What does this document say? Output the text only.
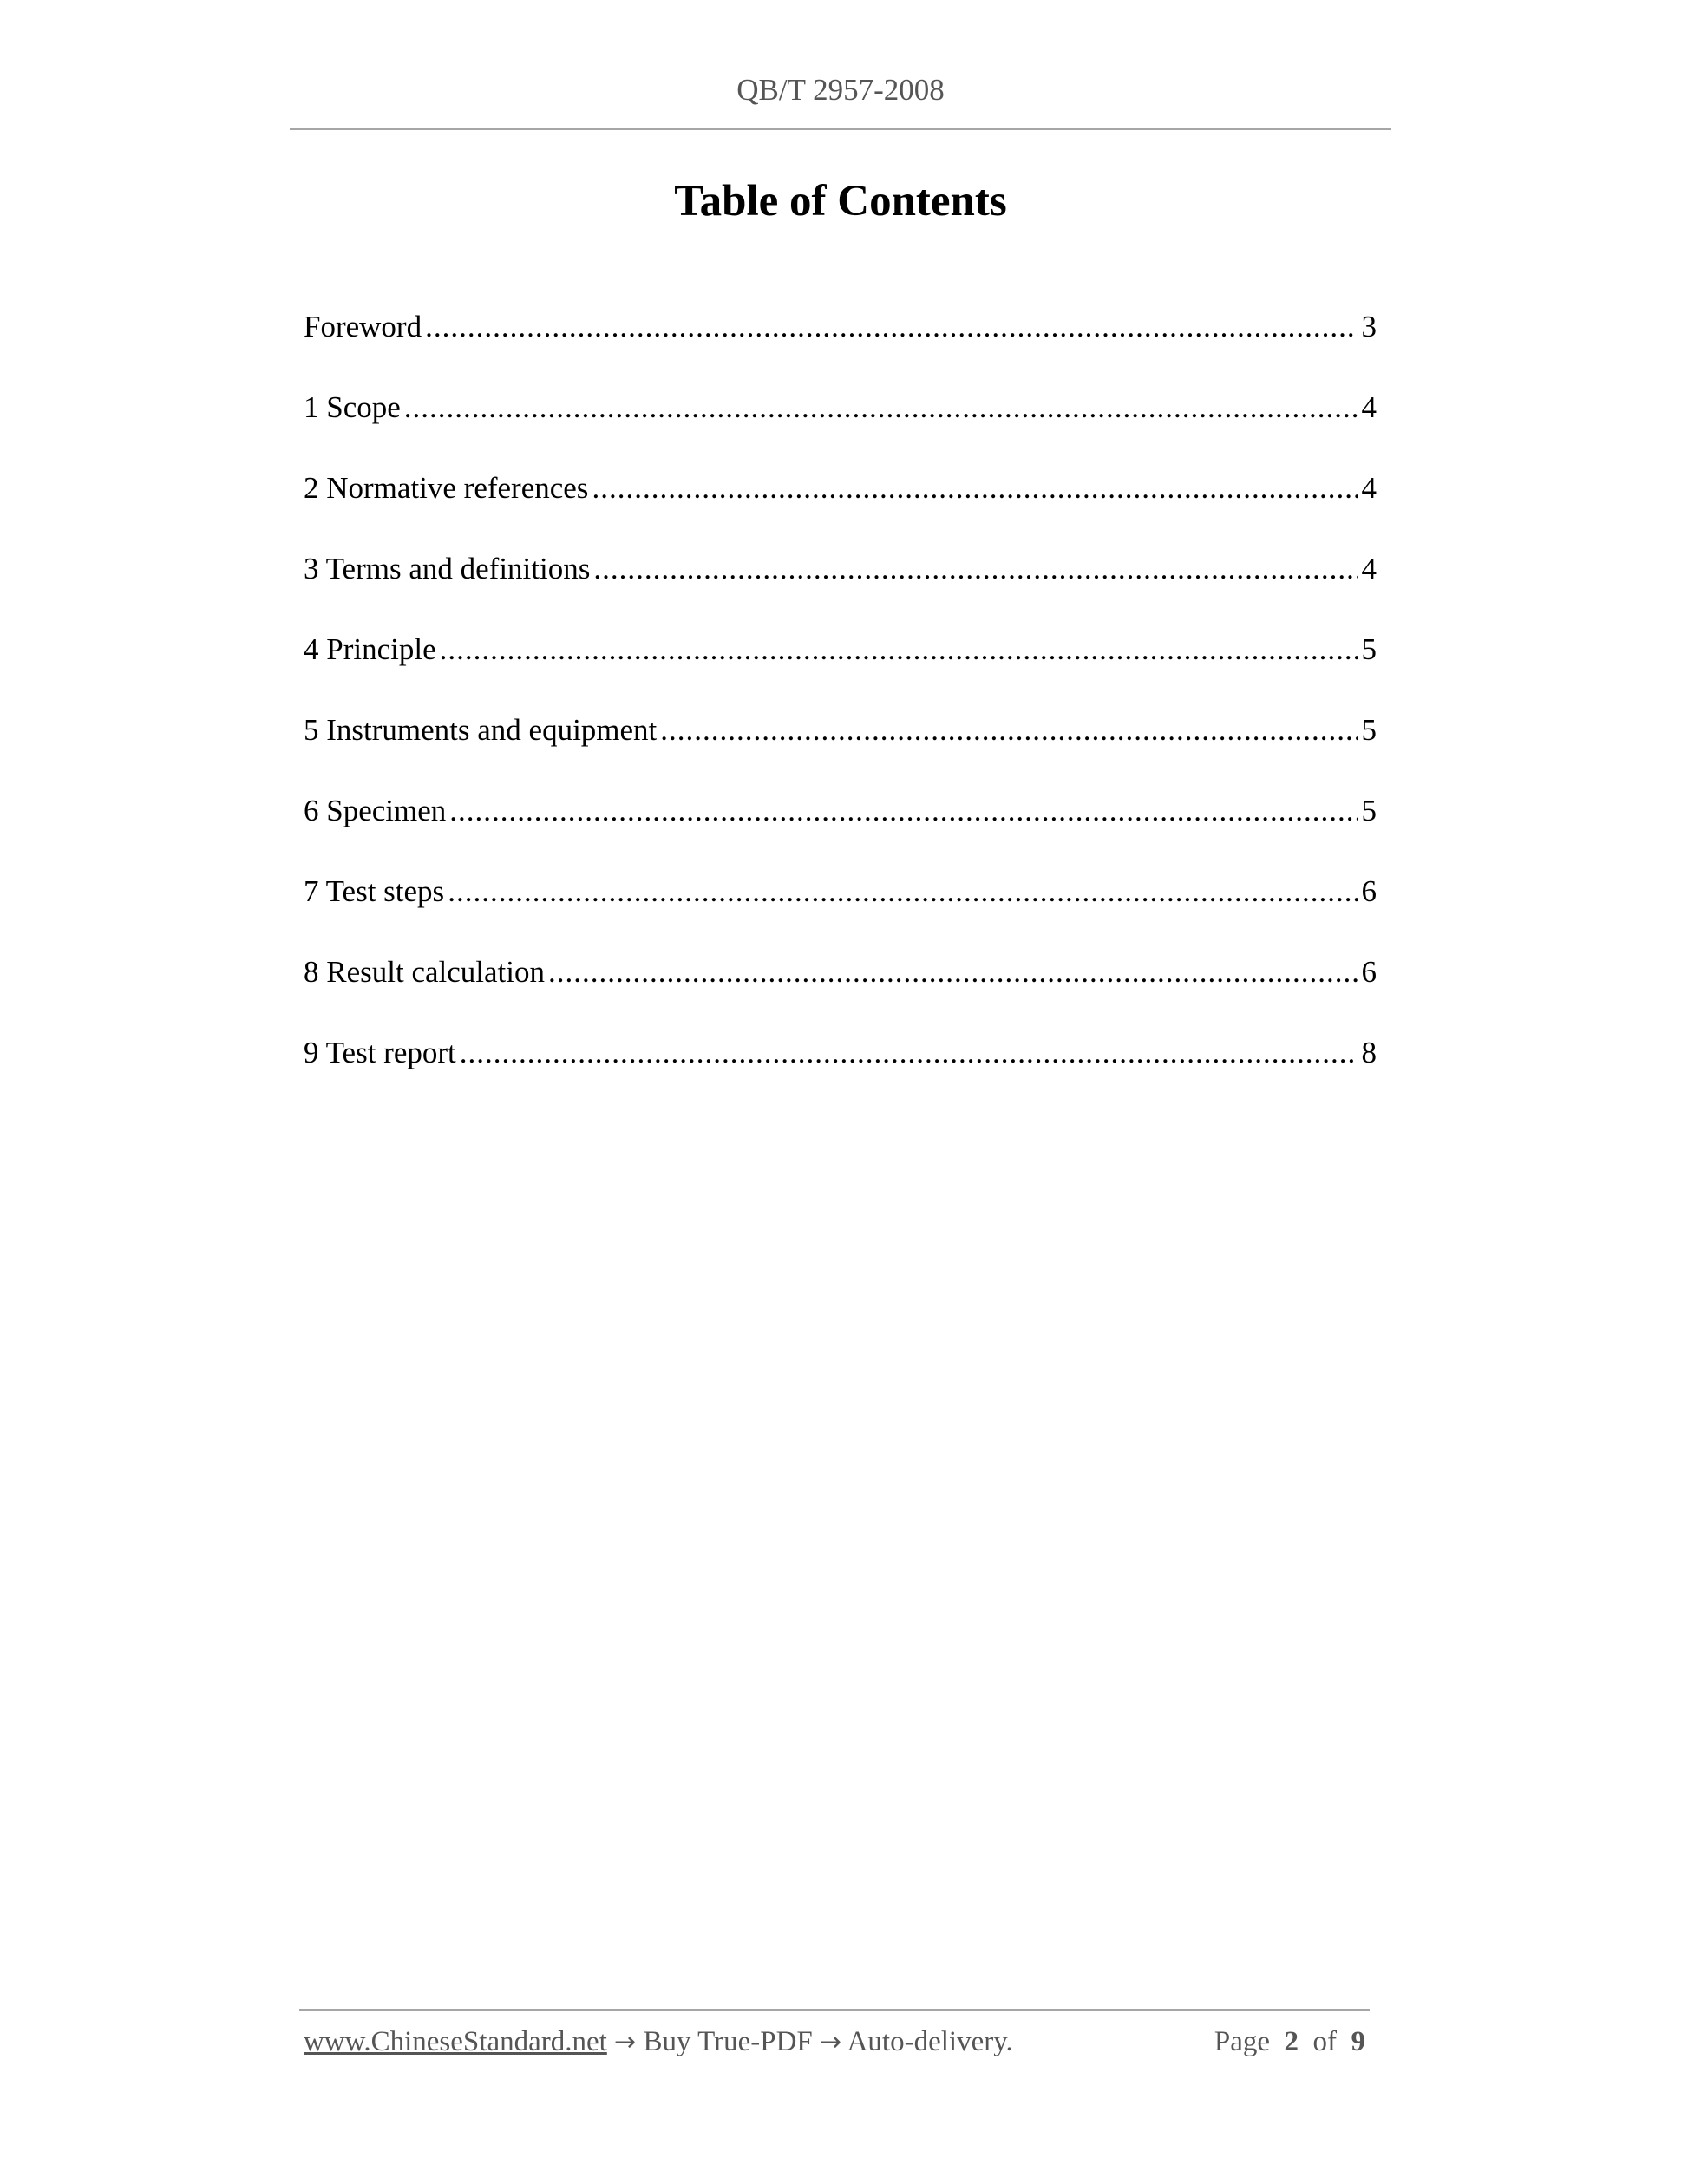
QB/T 2957-2008
Table of Contents
Foreword .....	3
1 Scope .....	4
2 Normative references .....	4
3 Terms and definitions .....	4
4 Principle .....	5
5 Instruments and equipment .....	5
6 Specimen .....	5
7 Test steps .....	6
8 Result calculation .....	6
9 Test report .....	8
www.ChineseStandard.net → Buy True-PDF → Auto-delivery.	Page 2 of 9
